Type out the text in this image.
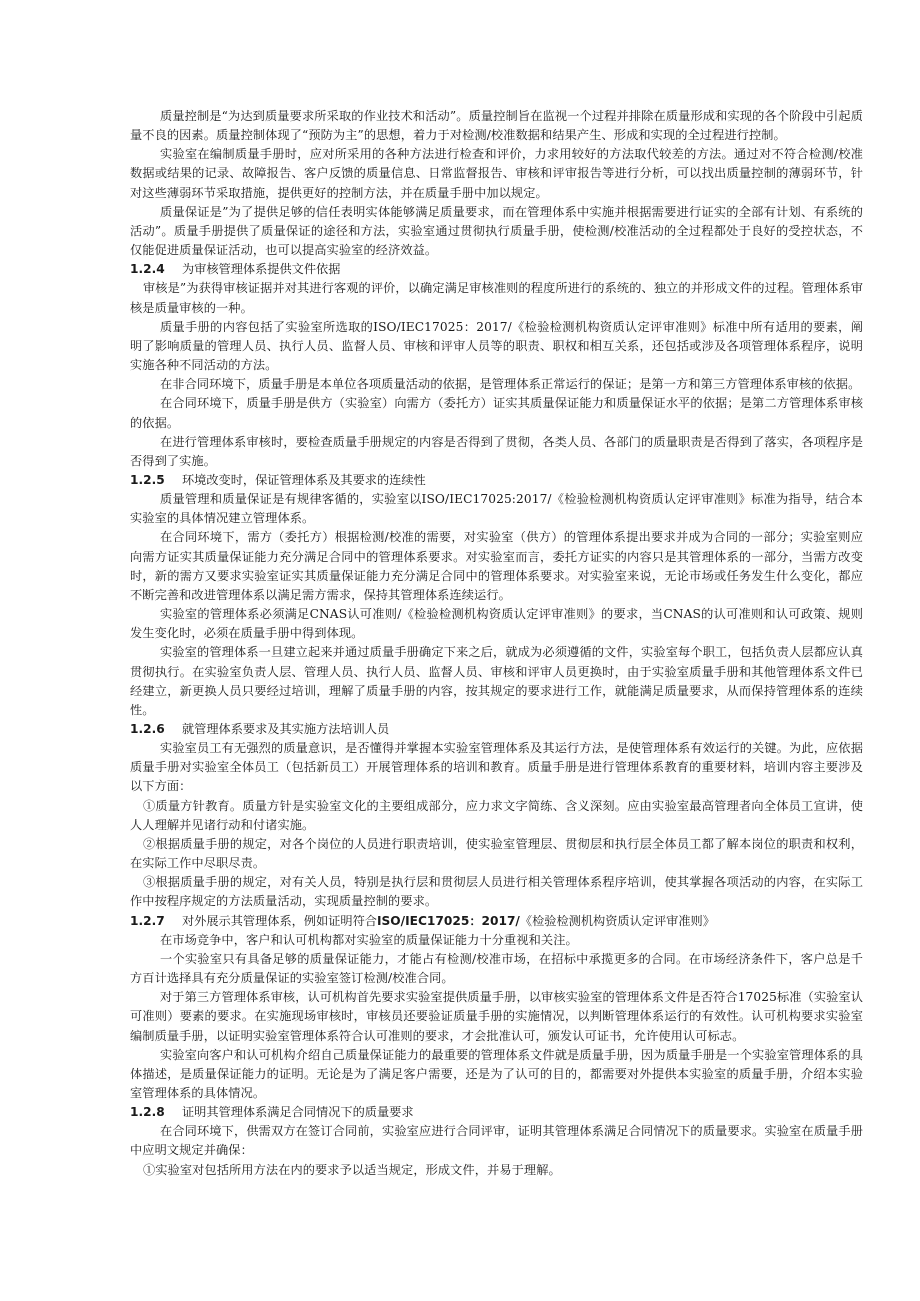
质量控制是“为达到质量要求所采取的作业技术和活动”。质量控制旨在监视一个过程并排除在质量形成和实现的各个阶段中引起质量不良的因素。质量控制体现了“预防为主”的思想，着力于对检测/校准数据和结果产生、形成和实现的全过程进行控制。

实验室在编制质量手册时，应对所采用的各种方法进行检查和评价，力求用较好的方法取代较差的方法。通过对不符合检测/校准数据或结果的记录、故障报告、客户反馈的质量信息、日常监督报告、审核和评审报告等进行分析，可以找出质量控制的薄弱环节，针对这些薄弱环节采取措施，提供更好的控制方法，并在质量手册中加以规定。

质量保证是”为了提供足够的信任表明实体能够满足质量要求，而在管理体系中实施并根据需要进行证实的全部有计划、有系统的活动”。质量手册提供了质量保证的途径和方法，实验室通过贯彻执行质量手册，使检测/校准活动的全过程都处于良好的受控状态，不仅能促进质量保证活动，也可以提高实验室的经济效益。

1.2.4 为审核管理体系提供文件依据

审核是”为获得审核证据并对其进行客观的评价，以确定满足审核准则的程度所进行的系统的、独立的并形成文件的过程。管理体系审核是质量审核的一种。

质量手册的内容包括了实验室所选取的ISO/IEC17025：2017/《检验检测机构资质认定评审准则》标准中所有适用的要素，阐明了影响质量的管理人员、执行人员、监督人员、审核和评审人员等的职责、职权和相互关系，还包括或涉及各项管理体系程序，说明实施各种不同活动的方法。

在非合同环境下，质量手册是本单位各项质量活动的依据，是管理体系正常运行的保证；是第一方和第三方管理体系审核的依据。

在合同环境下，质量手册是供方（实验室）向需方（委托方）证实其质量保证能力和质量保证水平的依据；是第二方管理体系审核的依据。

在进行管理体系审核时，要检查质量手册规定的内容是否得到了贯彻，各类人员、各部门的质量职责是否得到了落实，各项程序是否得到了实施。

1.2.5 环境改变时，保证管理体系及其要求的连续性

质量管理和质量保证是有规律客循的，实验室以ISO/IEC17025:2017/《检验检测机构资质认定评审准则》标准为指导，结合本实验室的具体情况建立管理体系。

在合同环境下，需方（委托方）根据检测/校准的需要，对实验室（供方）的管理体系提出要求并成为合同的一部分；实验室则应向需方证实其质量保证能力充分满足合同中的管理体系要求。对实验室而言，委托方证实的内容只是其管理体系的一部分，当需方改变时，新的需方又要求实验室证实其质量保证能力充分满足合同中的管理体系要求。对实验室来说，无论市场或任务发生什么变化，都应不断完善和改进管理体系以满足需方需求，保持其管理体系连续运行。

实验室的管理体系必须满足CNAS认可准则/《检验检测机构资质认定评审准则》的要求，当CNAS的认可准则和认可政策、规则发生变化时，必须在质量手册中得到体现。

实验室的管理体系一旦建立起来并通过质量手册确定下来之后，就成为必须遵循的文件，实验室每个职工，包括负责人层都应认真贯彻执行。在实验室负责人层、管理人员、执行人员、监督人员、审核和评审人员更换时，由于实验室质量手册和其他管理体系文件已经建立，新更换人员只要经过培训，理解了质量手册的内容，按其规定的要求进行工作，就能满足质量要求，从而保持管理体系的连续性。

1.2.6 就管理体系要求及其实施方法培训人员

实验室员工有无强烈的质量意识，是否懂得并掌握本实验室管理体系及其运行方法，是使管理体系有效运行的关键。为此，应依据质量手册对实验室全体员工（包括新员工）开展管理体系的培训和教育。质量手册是进行管理体系教育的重要材料，培训内容主要涉及以下方面：

①质量方针教育。质量方针是实验室文化的主要组成部分，应力求文字简练、含义深刻。应由实验室最高管理者向全体员工宣讲，使人人理解并见诸行动和付诸实施。

②根据质量手册的规定，对各个岗位的人员进行职责培训，使实验室管理层、贯彻层和执行层全体员工都了解本岗位的职责和权利，在实际工作中尽职尽责。

③根据质量手册的规定，对有关人员，特别是执行层和贯彻层人员进行相关管理体系程序培训，使其掌握各项活动的内容，在实际工作中按程序规定的方法质量活动，实现质量控制的要求。

1.2.7 对外展示其管理体系，例如证明符合ISO/IEC17025：2017/《检验检测机构资质认定评审准则》

在市场竞争中，客户和认可机构都对实验室的质量保证能力十分重视和关注。

一个实验室只有具备足够的质量保证能力，才能占有检测/校准市场，在招标中承揽更多的合同。在市场经济条件下，客户总是千方百计选择具有充分质量保证的实验室签订检测/校准合同。

对于第三方管理体系审核，认可机构首先要求实验室提供质量手册，以审核实验室的管理体系文件是否符合17025标准（实验室认可准则）要素的要求。在实施现场审核时，审核员还要验证质量手册的实施情况，以判断管理体系运行的有效性。认可机构要求实验室编制质量手册，以证明实验室管理体系符合认可准则的要求，才会批准认可，颁发认可证书，允许使用认可标志。

实验室向客户和认可机构介绍自己质量保证能力的最重要的管理体系文件就是质量手册，因为质量手册是一个实验室管理体系的具体描述，是质量保证能力的证明。无论是为了满足客户需要，还是为了认可的目的，都需要对外提供本实验室的质量手册，介绍本实验室管理体系的具体情况。

1.2.8 证明其管理体系满足合同情况下的质量要求

在合同环境下，供需双方在签订合同前，实验室应进行合同评审，证明其管理体系满足合同情况下的质量要求。实验室在质量手册中应明文规定并确保：

①实验室对包括所用方法在内的要求予以适当规定，形成文件，并易于理解。
